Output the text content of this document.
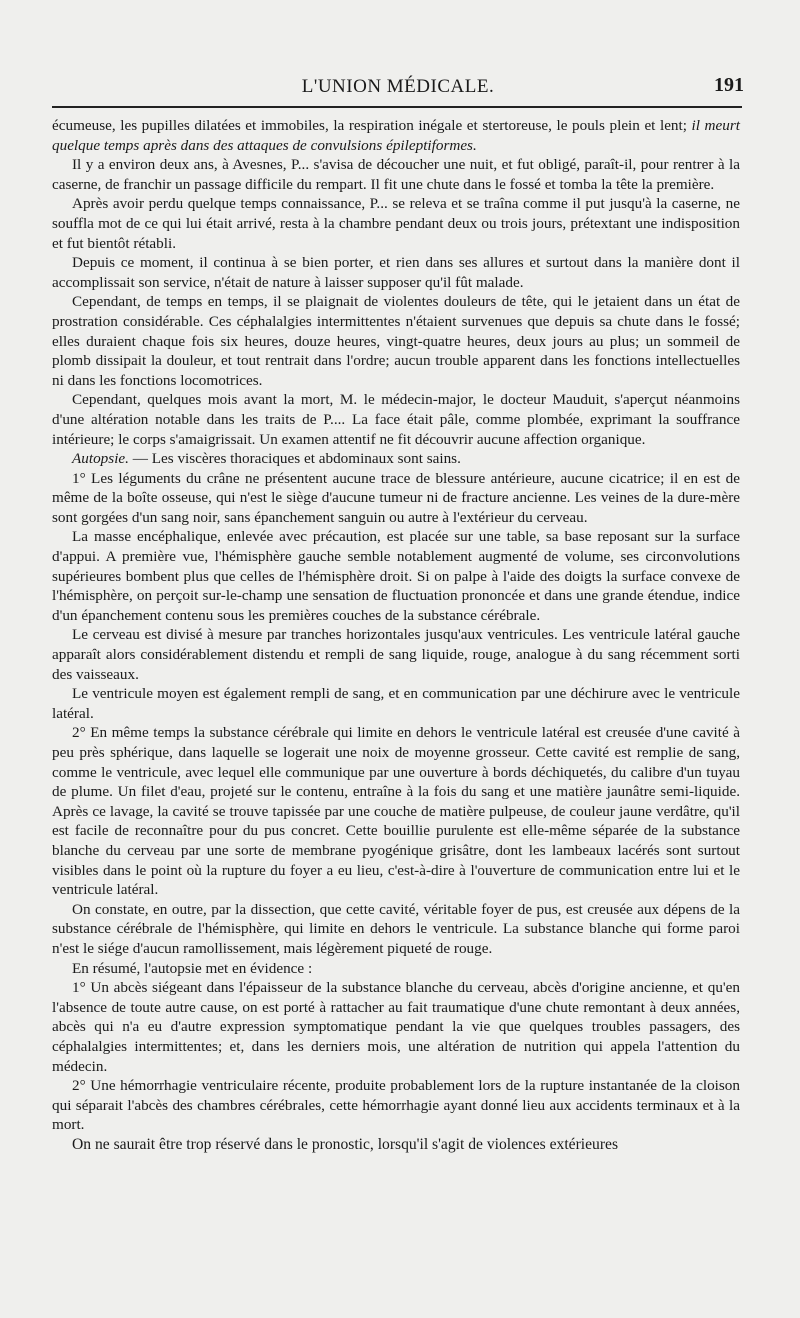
L'UNION MÉDICALE.	191

écumeuse, les pupilles dilatées et immobiles, la respiration inégale et stertoreuse, le pouls plein et lent; il meurt quelque temps après dans des attaques de convulsions épileptiformes.

Il y a environ deux ans, à Avesnes, P... s'avisa de découcher une nuit, et fut obligé, paraît-il, pour rentrer à la caserne, de franchir un passage difficile du rempart. Il fit une chute dans le fossé et tomba la tête la première.

Après avoir perdu quelque temps connaissance, P... se releva et se traîna comme il put jusqu'à la caserne, ne souffla mot de ce qui lui était arrivé, resta à la chambre pendant deux ou trois jours, prétextant une indisposition et fut bientôt rétabli.

Depuis ce moment, il continua à se bien porter, et rien dans ses allures et surtout dans la manière dont il accomplissait son service, n'était de nature à laisser supposer qu'il fût malade.

Cependant, de temps en temps, il se plaignait de violentes douleurs de tête, qui le jetaient dans un état de prostration considérable. Ces céphalalgies intermittentes n'étaient survenues que depuis sa chute dans le fossé; elles duraient chaque fois six heures, douze heures, vingt-quatre heures, deux jours au plus; un sommeil de plomb dissipait la douleur, et tout rentrait dans l'ordre; aucun trouble apparent dans les fonctions intellectuelles ni dans les fonctions locomotrices.

Cependant, quelques mois avant la mort, M. le médecin-major, le docteur Mauduit, s'aperçut néanmoins d'une altération notable dans les traits de P.... La face était pâle, comme plombée, exprimant la souffrance intérieure; le corps s'amaigrissait. Un examen attentif ne fit découvrir aucune affection organique.

Autopsie. — Les viscères thoraciques et abdominaux sont sains.

1° Les léguments du crâne ne présentent aucune trace de blessure antérieure, aucune cicatrice; il en est de même de la boîte osseuse, qui n'est le siège d'aucune tumeur ni de fracture ancienne. Les veines de la dure-mère sont gorgées d'un sang noir, sans épanchement sanguin ou autre à l'extérieur du cerveau.

La masse encéphalique, enlevée avec précaution, est placée sur une table, sa base reposant sur la surface d'appui. A première vue, l'hémisphère gauche semble notablement augmenté de volume, ses circonvolutions supérieures bombent plus que celles de l'hémisphère droit. Si on palpe à l'aide des doigts la surface convexe de l'hémisphère, on perçoit sur-le-champ une sensation de fluctuation prononcée et dans une grande étendue, indice d'un épanchement contenu sous les premières couches de la substance cérébrale.

Le cerveau est divisé à mesure par tranches horizontales jusqu'aux ventricules. Les ventricule latéral gauche apparaît alors considérablement distendu et rempli de sang liquide, rouge, analogue à du sang récemment sorti des vaisseaux.

Le ventricule moyen est également rempli de sang, et en communication par une déchirure avec le ventricule latéral.

2° En même temps la substance cérébrale qui limite en dehors le ventricule latéral est creusée d'une cavité à peu près sphérique, dans laquelle se logerait une noix de moyenne grosseur. Cette cavité est remplie de sang, comme le ventricule, avec lequel elle communique par une ouverture à bords déchiquetés, du calibre d'un tuyau de plume. Un filet d'eau, projeté sur le contenu, entraîne à la fois du sang et une matière jaunâtre semi-liquide. Après ce lavage, la cavité se trouve tapissée par une couche de matière pulpeuse, de couleur jaune verdâtre, qu'il est facile de reconnaître pour du pus concret. Cette bouillie purulente est elle-même séparée de la substance blanche du cerveau par une sorte de membrane pyogénique grisâtre, dont les lambeaux lacérés sont surtout visibles dans le point où la rupture du foyer a eu lieu, c'est-à-dire à l'ouverture de communication entre lui et le ventricule latéral.

On constate, en outre, par la dissection, que cette cavité, véritable foyer de pus, est creusée aux dépens de la substance cérébrale de l'hémisphère, qui limite en dehors le ventricule. La substance blanche qui forme paroi n'est le siége d'aucun ramollissement, mais légèrement piqueté de rouge.

En résumé, l'autopsie met en évidence :

1° Un abcès siégeant dans l'épaisseur de la substance blanche du cerveau, abcès d'origine ancienne, et qu'en l'absence de toute autre cause, on est porté à rattacher au fait traumatique d'une chute remontant à deux années, abcès qui n'a eu d'autre expression symptomatique pendant la vie que quelques troubles passagers, des céphalalgies intermittentes; et, dans les derniers mois, une altération de nutrition qui appela l'attention du médecin.

2° Une hémorrhagie ventriculaire récente, produite probablement lors de la rupture instantanée de la cloison qui séparait l'abcès des chambres cérébrales, cette hémorrhagie ayant donné lieu aux accidents terminaux et à la mort.

On ne saurait être trop réservé dans le pronostic, lorsqu'il s'agit de violences extérieures
